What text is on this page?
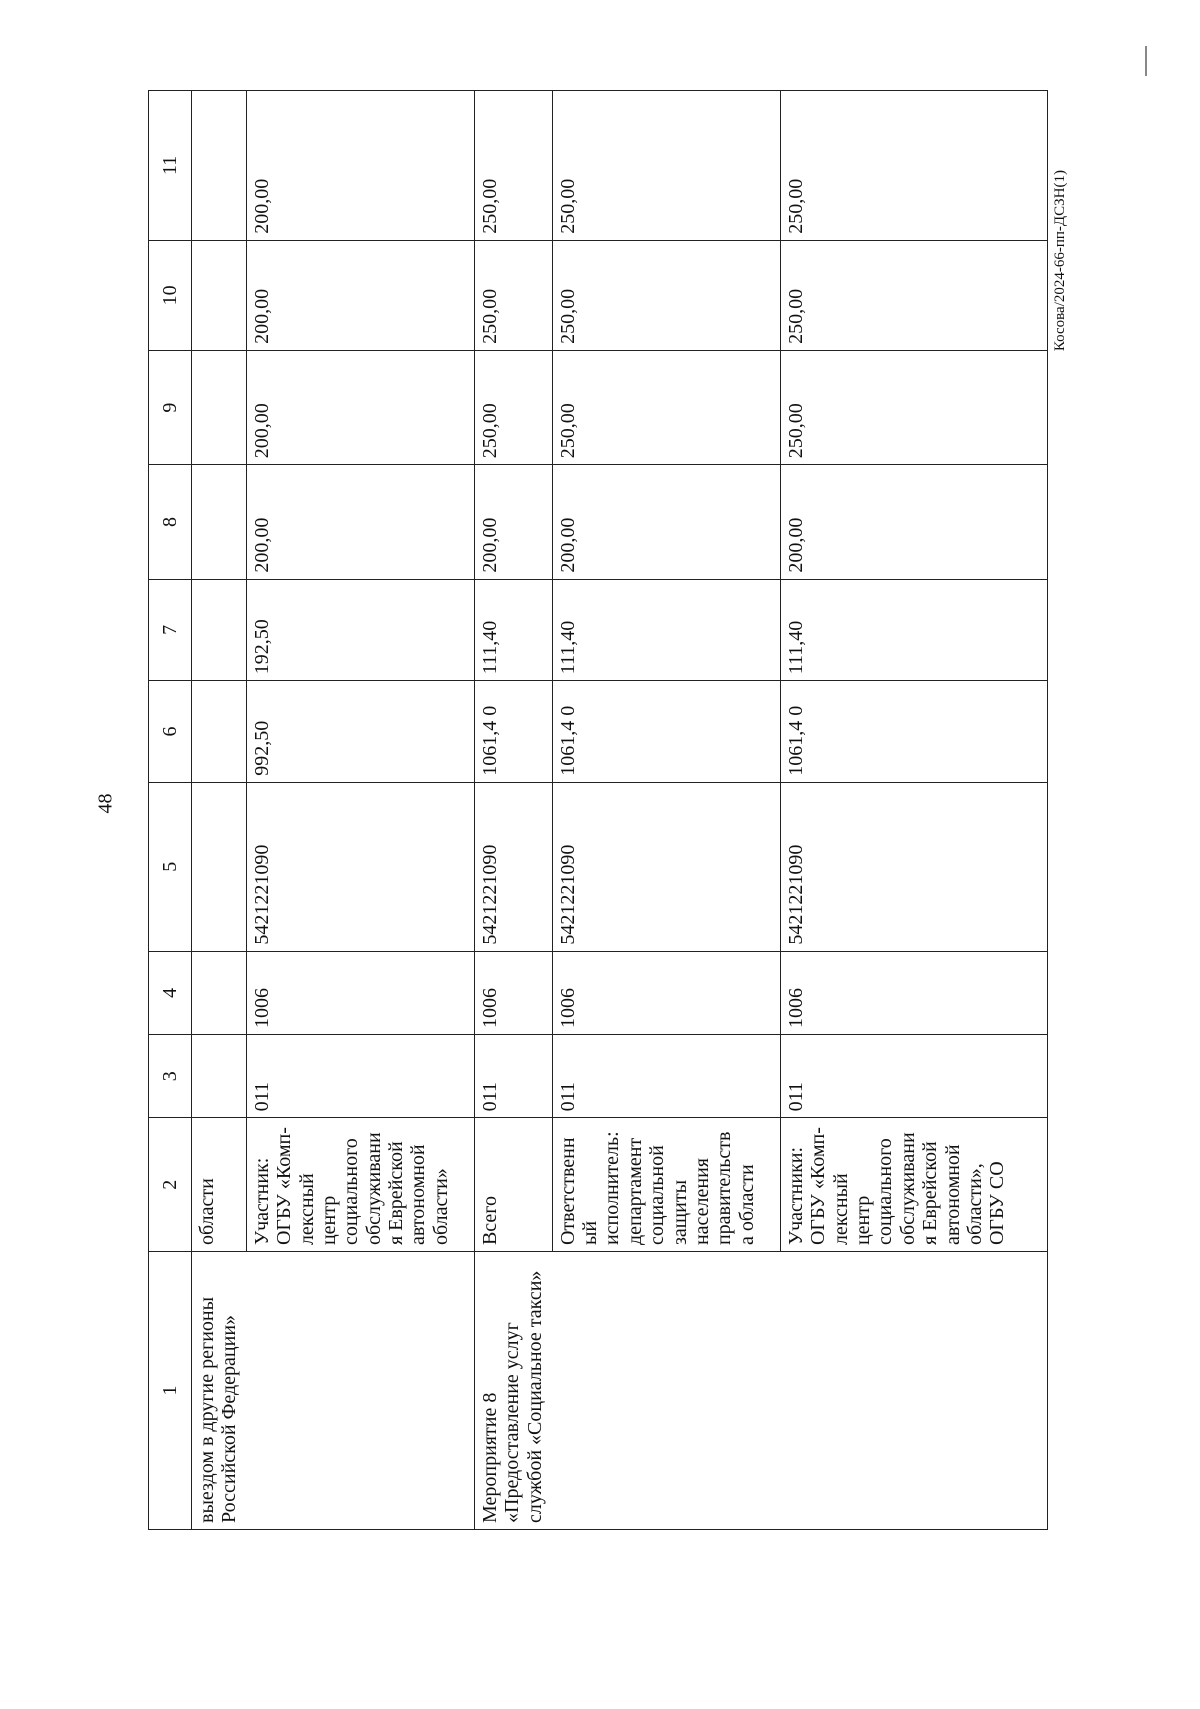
48
Косова/2024-66-пп-ДСЗН(1)
1	2	3	4	5	6	7	8	9	10	11
выездом в другие регионы Российской Федерации»	области									
	Участник: ОГБУ «Комп-лексный центр социального обслуживания Еврейской автономной области»	011	1006	5421221090	992,50	192,50	200,00	200,00	200,00	200,00
Мероприятие 8 «Предоставление услуг службой «Социальное такси»	Всего	011	1006	5421221090	1061,4 0	111,40	200,00	250,00	250,00	250,00
	Ответственный исполнитель: департамент социальной защиты населения правительства области	011	1006	5421221090	1061,4 0	111,40	200,00	250,00	250,00	250,00
	Участники: ОГБУ «Комп-лексный центр социального обслуживания Еврейской автономной области», ОГБУ СО	011	1006	5421221090	1061,4 0	111,40	200,00	250,00	250,00	250,00
